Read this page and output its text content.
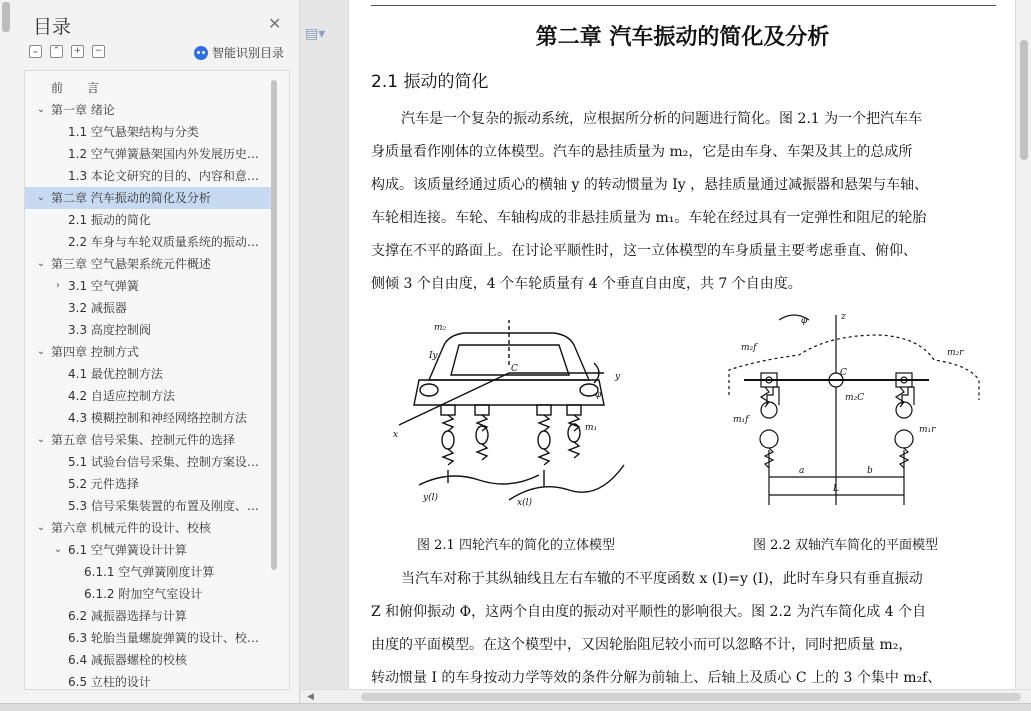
目录	✕
⌄	⌃	+	−	智能识别目录
前　　言
⌄ 第一章 绪论
1.1 空气悬架结构与分类
1.2 空气弹簧悬架国内外发展历史…
1.3 本论文研究的目的、内容和意…
⌄ 第二章 汽车振动的简化及分析
2.1 振动的简化
2.2 车身与车轮双质量系统的振动…
⌄ 第三章 空气悬架系统元件概述
› 3.1 空气弹簧
3.2 减振器
3.3 高度控制阀
⌄ 第四章 控制方式
4.1 最优控制方法
4.2 自适应控制方法
4.3 模糊控制和神经网络控制方法
⌄ 第五章 信号采集、控制元件的选择
5.1 试验台信号采集、控制方案设…
5.2 元件选择
5.3 信号采集装置的布置及刚度、…
⌄ 第六章 机械元件的设计、校核
⌄ 6.1 空气弹簧设计计算
6.1.1 空气弹簧刚度计算
6.1.2 附加空气室设计
6.2 减振器选择与计算
6.3 轮胎当量螺旋弹簧的设计、校…
6.4 减振器螺栓的校核
6.5 立柱的设计
▤▾	第二章 汽车振动的简化及分析
2.1 振动的简化

汽车是一个复杂的振动系统，应根据所分析的问题进行简化。图 2.1 为一个把汽车车

身质量看作刚体的立体模型。汽车的悬挂质量为 m₂，它是由车身、车架及其上的总成所

构成。该质量经通过质心的横轴 y 的转动惯量为 Iy ，悬挂质量通过减振器和悬架与车轴、

车轮相连接。车轮、车轴构成的非悬挂质量为 m₁。车轮在经过具有一定弹性和阻尼的轮胎

支撑在不平的路面上。在讨论平顺性时，这一立体模型的车身质量主要考虑垂直、俯仰、

侧倾 3 个自由度，4 个车轮质量有 4 个垂直自由度，共 7 个自由度。

m₂
Iy
C
y
φ
x
m₁
y(l)	x(l)
φ	z
m₂f	m₂r
C
m₂C
m₁f
m₁r
a	b
L
图 2.1 四轮汽车的简化的立体模型	图 2.2 双轴汽车简化的平面模型

当汽车对称于其纵轴线且左右车辙的不平度函数 x (I)=y (I)，此时车身只有垂直振动

Z 和俯仰振动 Φ，这两个自由度的振动对平顺性的影响很大。图 2.2 为汽车简化成 4 个自

由度的平面模型。在这个模型中，又因轮胎阻尼较小而可以忽略不计，同时把质量 m₂，

转动惯量 I 的车身按动力学等效的条件分解为前轴上、后轴上及质心 C 上的 3 个集中 m₂f、

◀
